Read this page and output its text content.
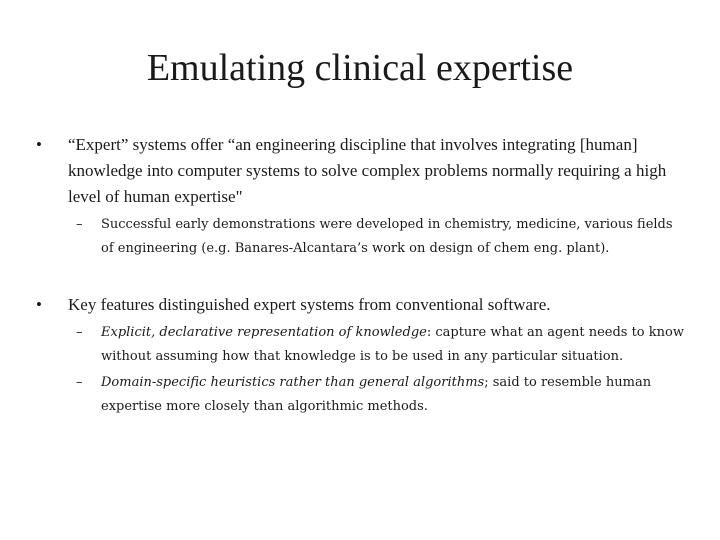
Emulating clinical expertise
•	“Expert” systems offer “an engineering discipline that involves integrating [human] knowledge into computer systems to solve complex problems normally requiring a high level of human expertise"
– Successful early demonstrations were developed in chemistry, medicine, various fields of engineering (e.g. Banares-Alcantara’s work on design of chem eng. plant).
•	Key features distinguished expert systems from conventional software.
– Explicit, declarative representation of knowledge: capture what an agent needs to know without assuming how that knowledge is to be used in any particular situation.
– Domain-specific heuristics rather than general algorithms; said to resemble human expertise more closely than algorithmic methods.
